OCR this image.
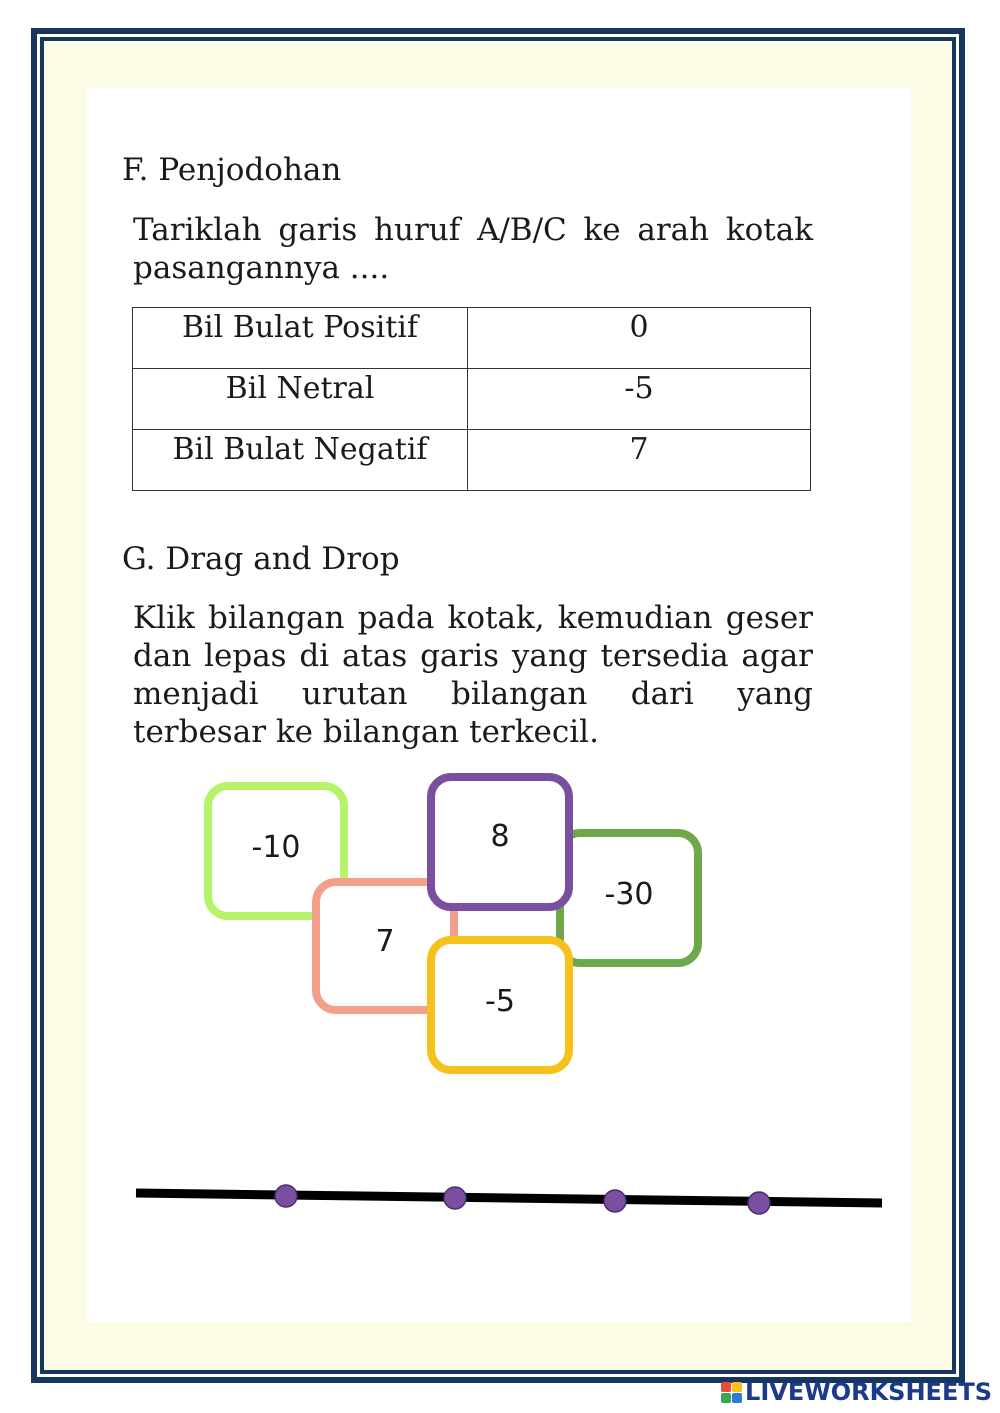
F. Penjodohan

Tariklah garis huruf A/B/C ke arah kotak pasangannya ....

Bil Bulat Positif	0
Bil Netral	-5
Bil Bulat Negatif	7
G. Drag and Drop

Klik bilangan pada kotak, kemudian geser dan lepas di atas garis yang tersedia agar menjadi urutan bilangan dari yang terbesar ke bilangan terkecil.

-10
7
-30
8
-5
LIVEWORKSHEETS
